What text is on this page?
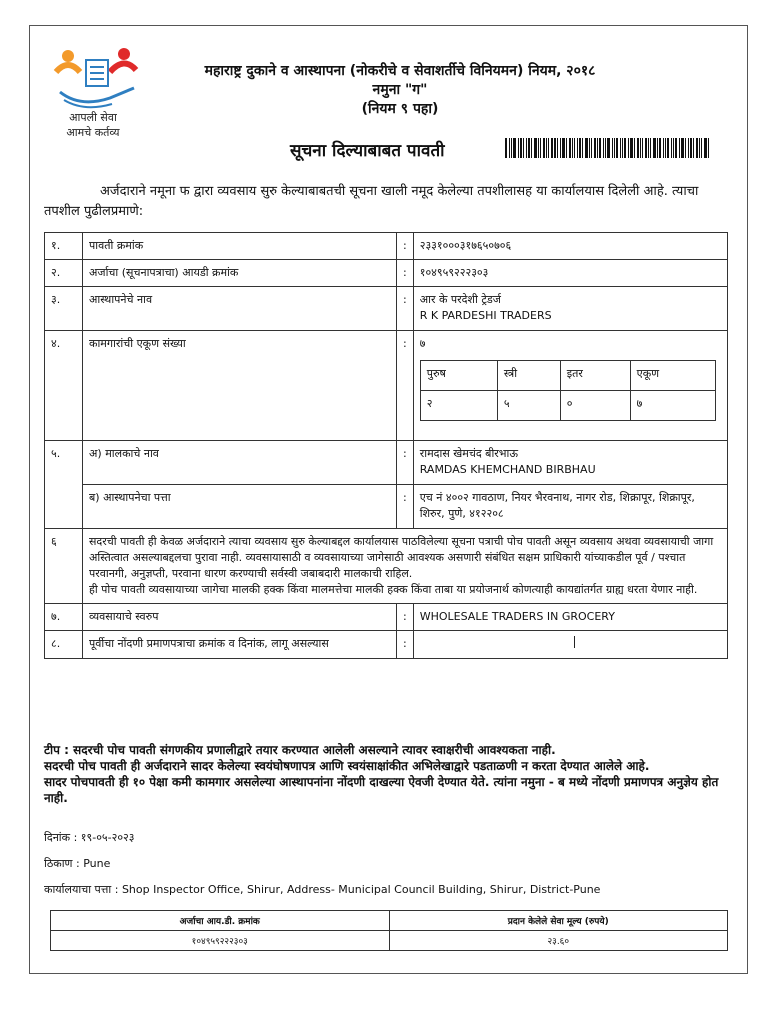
आपली सेवा
आमचे कर्तव्य
महाराष्ट्र दुकाने व आस्थापना (नोकरीचे व सेवाशर्तीचे विनियमन) नियम, २०१८
नमुना "ग"
(नियम ९ पहा)
सूचना दिल्याबाबत पावती
अर्जदाराने नमूना फ द्वारा व्यवसाय सुरु केल्याबाबतची सूचना खाली नमूद केलेल्या तपशीलासह या कार्यालयास दिलेली आहे. त्याचा तपशील पुढीलप्रमाणे:
१.	पावती क्रमांक	:	२३३१०००३१७६५०७०६
२.	अर्जाचा (सूचनापत्राचा) आयडी क्रमांक	:	१०४९५९२२२३०३
३.	आस्थापनेचे नाव	:	आर के परदेशी ट्रेडर्ज
R K PARDESHI TRADERS

४.	कामगारांची एकूण संख्या	:	७
पुरुष	स्त्री	इतर	एकूण
२	५	०	७

५.	अ) मालकाचे नाव	:	रामदास खेमचंद बीरभाऊ
RAMDAS KHEMCHAND BIRBHAU

ब) आस्थापनेचा पत्ता	:	एच नं ४००२ गावठाण, नियर भैरवनाथ, नागर रोड, शिक्रापूर, शिक्रापूर, शिरुर, पुणे, ४१२२०८
६	सदरची पावती ही केवळ अर्जदाराने त्याचा व्यवसाय सुरु केल्याबद्दल कार्यालयास पाठविलेल्या सूचना पत्राची पोच पावती असून व्यवसाय अथवा व्यवसायाची जागा अस्तित्वात असल्याबद्दलचा पुरावा नाही. व्यवसायासाठी व व्यवसायाच्या जागेसाठी आवश्यक असणारी संबंधित सक्षम प्राधिकारी यांच्याकडील पूर्व / पश्चात परवानगी, अनुज्ञप्ती, परवाना धारण करण्याची सर्वस्वी जबाबदारी मालकाची राहिल.
ही पोच पावती व्यवसायाच्या जागेचा मालकी हक्क किंवा मालमत्तेचा मालकी हक्क किंवा ताबा या प्रयोजनार्थ कोणत्याही कायद्यांतर्गत ग्राह्य धरता येणार नाही.

७.	व्यवसायाचे स्वरुप	:	WHOLESALE TRADERS IN GROCERY
८.	पूर्वीचा नोंदणी प्रमाणपत्राचा क्रमांक व दिनांक, लागू असल्यास	:	
टीप : सदरची पोच पावती संगणकीय प्रणालीद्वारे तयार करण्यात आलेली असल्याने त्यावर स्वाक्षरीची आवश्यकता नाही.
सदरची पोच पावती ही अर्जदाराने सादर केलेल्या स्वयंघोषणापत्र आणि स्वयंसाक्षांकीत अभिलेखाद्वारे पडताळणी न करता देण्यात आलेले आहे.
सादर पोचपावती ही १० पेक्षा कमी कामगार असलेल्या आस्थापनांना नोंदणी दाखल्या ऐवजी देण्यात येते. त्यांना नमुना - ब मध्ये नोंदणी प्रमाणपत्र अनुज्ञेय होत नाही.
दिनांक : १९-०५-२०२३
ठिकाण : Pune
कार्यालयाचा पत्ता : Shop Inspector Office, Shirur, Address- Municipal Council Building, Shirur, District-Pune
अर्जाचा आय.डी. क्रमांक	प्रदान केलेले सेवा मूल्य (रुपये)
१०४९५९२२२३०३	२३.६०
